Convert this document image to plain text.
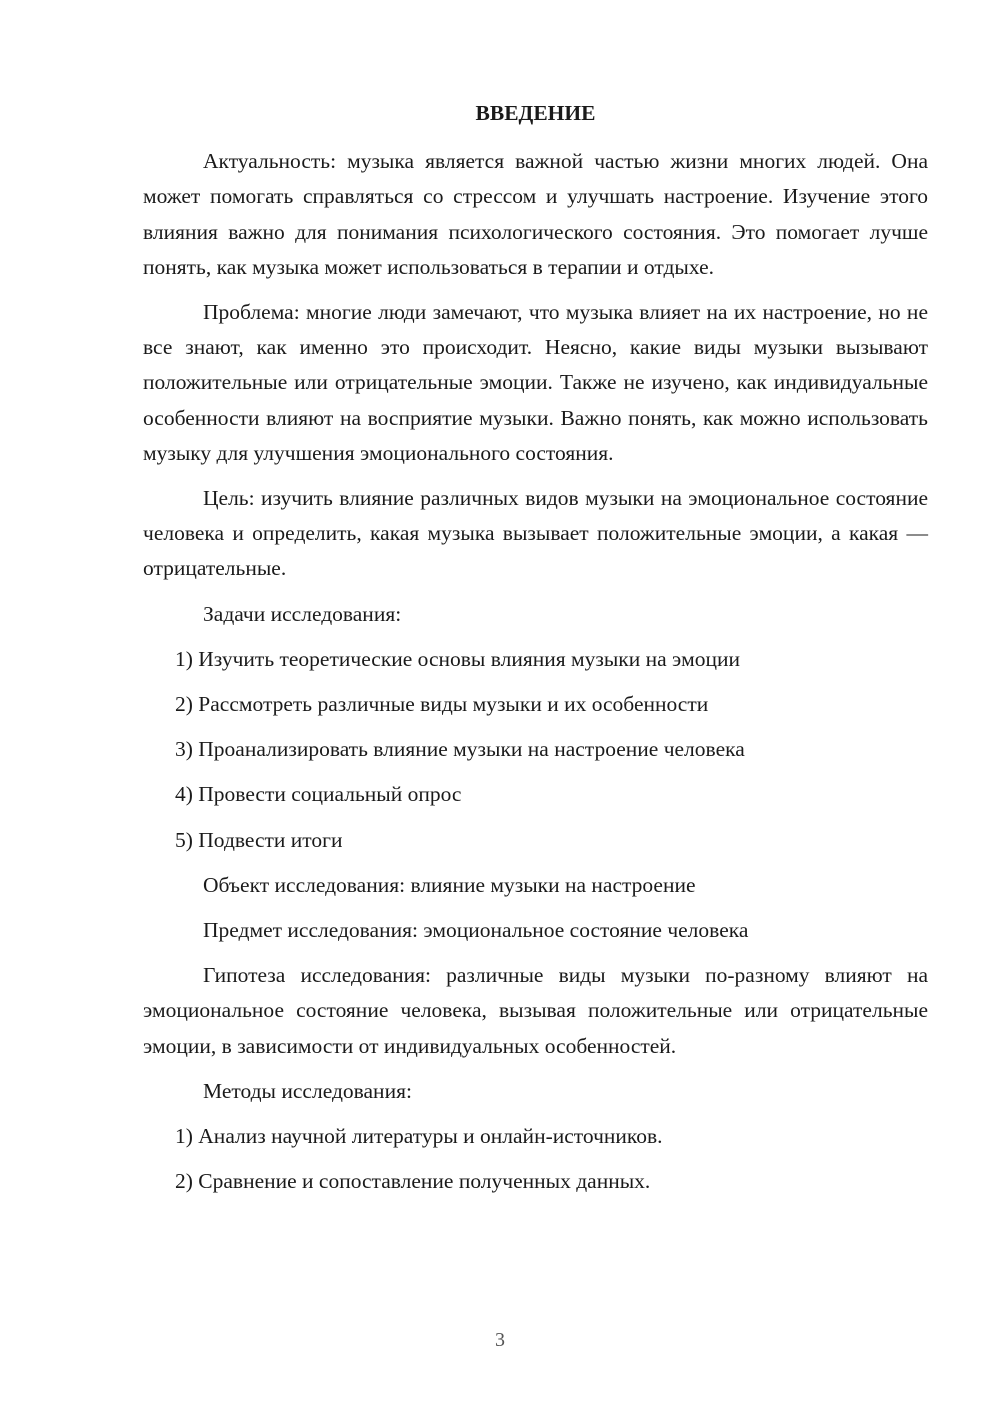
ВВЕДЕНИЕ

Актуальность: музыка является важной частью жизни многих людей. Она может помогать справляться со стрессом и улучшать настроение. Изучение этого влияния важно для понимания психологического состояния. Это помогает лучше понять, как музыка может использоваться в терапии и отдыхе.

Проблема: многие люди замечают, что музыка влияет на их настроение, но не все знают, как именно это происходит. Неясно, какие виды музыки вызывают положительные или отрицательные эмоции. Также не изучено, как индивидуальные особенности влияют на восприятие музыки. Важно понять, как можно использовать музыку для улучшения эмоционального состояния.

Цель: изучить влияние различных видов музыки на эмоциональное состояние человека и определить, какая музыка вызывает положительные эмоции, а какая — отрицательные.

Задачи исследования:
1) Изучить теоретические основы влияния музыки на эмоции
2) Рассмотреть различные виды музыки и их особенности
3) Проанализировать влияние музыки на настроение человека
4) Провести социальный опрос
5) Подвести итоги
Объект исследования: влияние музыки на настроение
Предмет исследования: эмоциональное состояние человека

Гипотеза исследования: различные виды музыки по-разному влияют на эмоциональное состояние человека, вызывая положительные или отрицательные эмоции, в зависимости от индивидуальных особенностей.

Методы исследования:
1) Анализ научной литературы и онлайн-источников.
2) Сравнение и сопоставление полученных данных.
3
